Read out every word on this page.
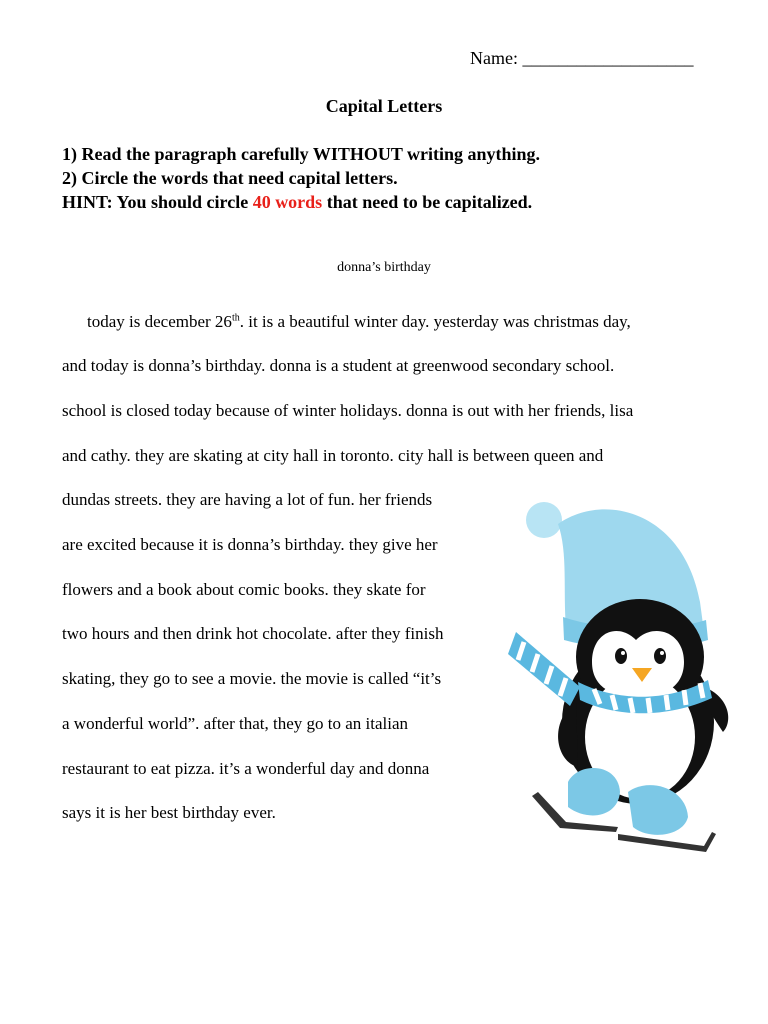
Name: ___________________
Capital Letters
1) Read the paragraph carefully WITHOUT writing anything.
2) Circle the words that need capital letters.
HINT: You should circle 40 words that need to be capitalized.
donna’s birthday
today is december 26th. it is a beautiful winter day. yesterday was christmas day,
and today is donna’s birthday. donna is a student at greenwood secondary school.
school is closed today because of winter holidays. donna is out with her friends, lisa
and cathy. they are skating at city hall in toronto. city hall is between queen and
dundas streets. they are having a lot of fun. her friends
are excited because it is donna’s birthday. they give her
flowers and a book about comic books. they skate for
two hours and then drink hot chocolate. after they finish
skating, they go to see a movie. the movie is called “it’s
a wonderful world”. after that, they go to an italian
restaurant to eat pizza. it’s a wonderful day and donna
says it is her best birthday ever.
